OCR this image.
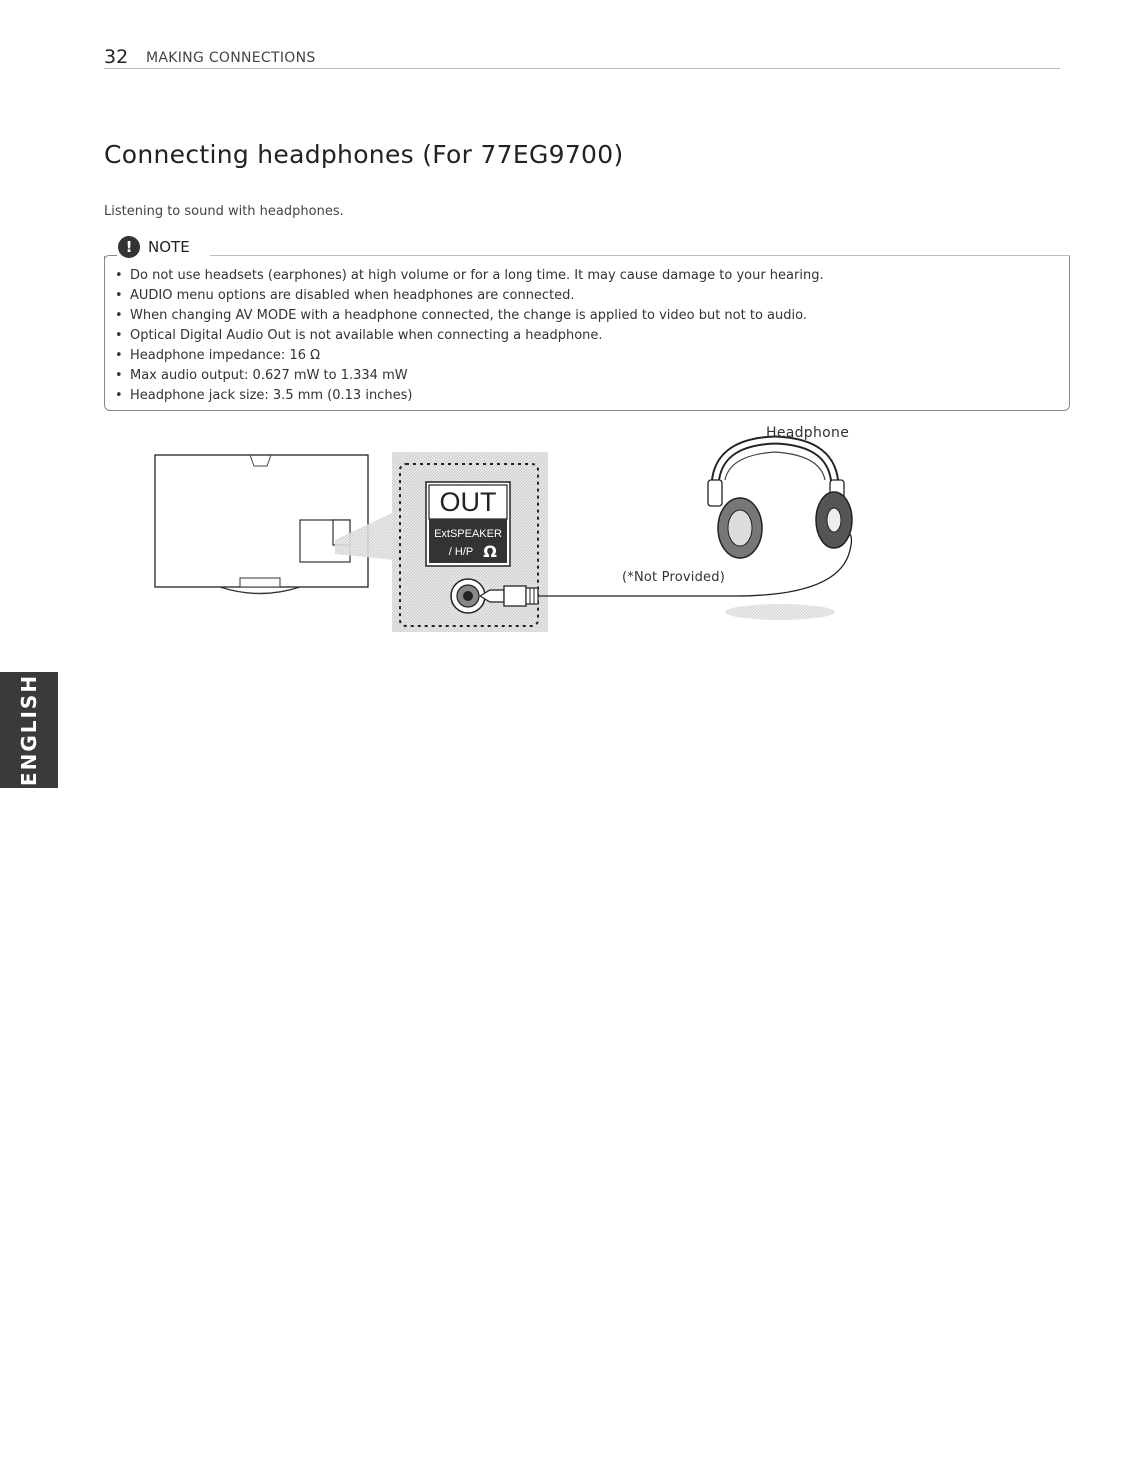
32 MAKING CONNECTIONS
Connecting headphones (For 77EG9700)

Listening to sound with headphones.

!	NOTE
• Do not use headsets (earphones) at high volume or for a long time. It may cause damage to your hearing.
• AUDIO menu options are disabled when headphones are connected.
• When changing AV MODE with a headphone connected, the change is applied to video but not to audio.
• Optical Digital Audio Out is not available when connecting a headphone.
• Headphone impedance: 16 Ω
• Max audio output: 0.627 mW to 1.334 mW
• Headphone jack size: 3.5 mm (0.13 inches)
OUT
ExtSPEAKER
/ H/P Ω
Headphone
(*Not Provided)
ENGLISH
